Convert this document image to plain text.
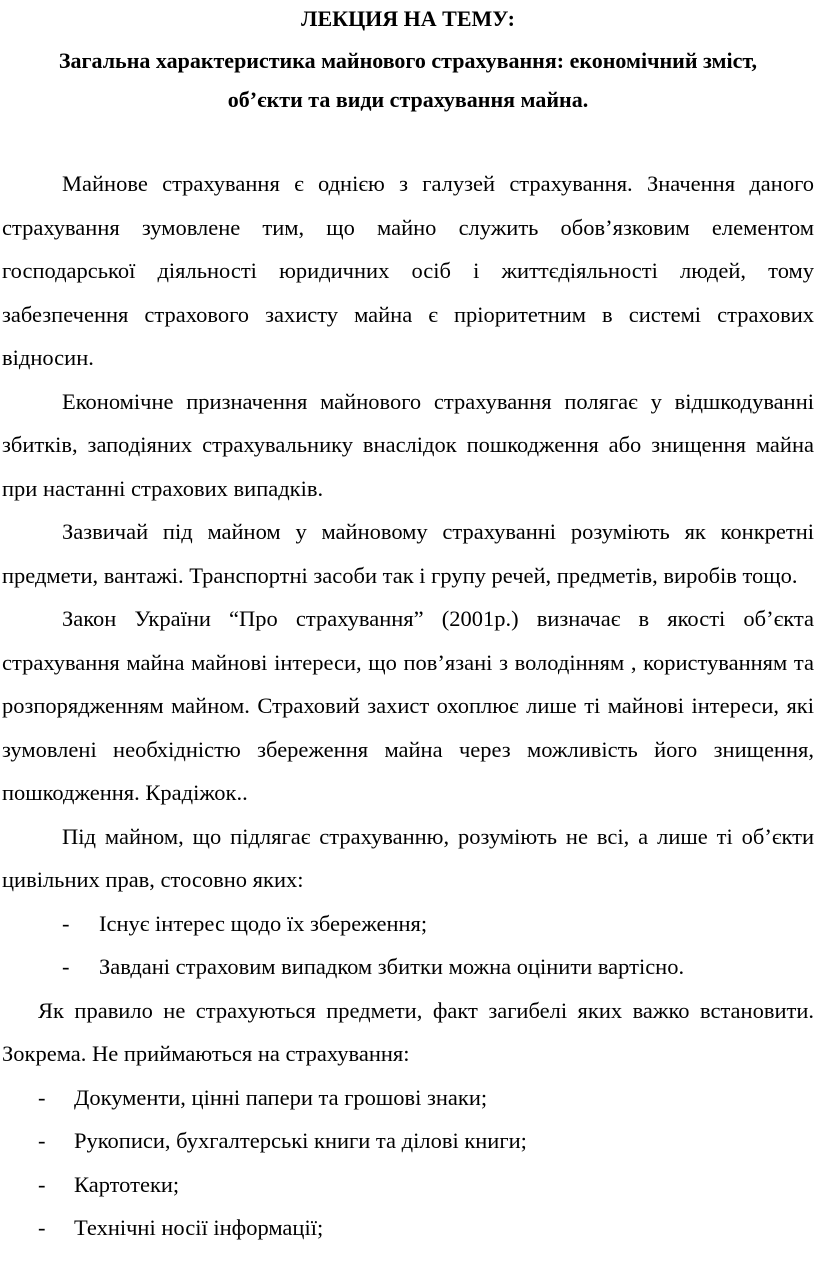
ЛЕКЦИЯ НА ТЕМУ:
Загальна характеристика майнового страхування: економічний зміст,
об’єкти та види страхування майна.

Майнове страхування є однією з галузей страхування. Значення даного страхування зумовлене тим, що майно служить обов’язковим елементом господарської діяльності юридичних осіб і життєдіяльності людей, тому забезпечення страхового захисту майна є пріоритетним в системі страхових відносин.

Економічне призначення майнового страхування полягає у відшкодуванні збитків, заподіяних страхувальнику внаслідок пошкодження або знищення майна при настанні страхових випадків.

Зазвичай під майном у майновому страхуванні розуміють як конкретні предмети, вантажі. Транспортні засоби так і групу речей, предметів, виробів тощо.

Закон України “Про страхування” (2001р.) визначає в якості об’єкта страхування майна майнові інтереси, що пов’язані з володінням , користуванням та розпорядженням майном. Страховий захист охоплює лише ті майнові інтереси, які зумовлені необхідністю збереження майна через можливість його знищення, пошкодження. Крадіжок..

Під майном, що підлягає страхуванню, розуміють не всі, а лише ті об’єкти цивільних прав, стосовно яких:

-	Існує інтерес щодо їх збереження;
-	Завдані страховим випадком збитки можна оцінити вартісно.

Як правило не страхуються предмети, факт загибелі яких важко встановити. Зокрема. Не приймаються на страхування:

-	Документи, цінні папери та грошові знаки;
-	Рукописи, бухгалтерські книги та ділові книги;
-	Картотеки;
-	Технічні носії інформації;
